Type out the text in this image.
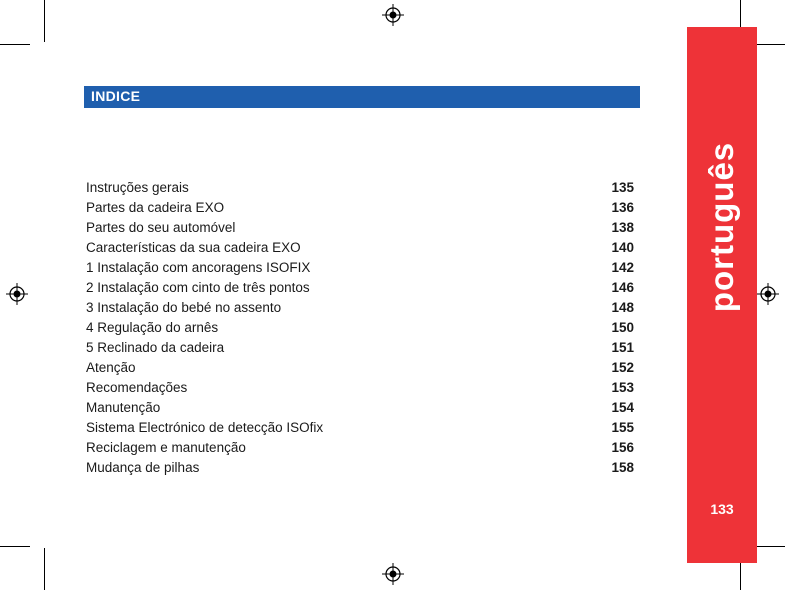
INDICE
Instruções gerais	135
Partes da cadeira EXO	136
Partes do seu automóvel	138
Características da sua cadeira EXO	140
1 Instalação com ancoragens ISOFIX	142
2 Instalação com cinto de três pontos	146
3 Instalação do bebé no assento	148
4 Regulação do arnês	150
5 Reclinado da cadeira	151
Atenção	152
Recomendações	153
Manutenção	154
Sistema Electrónico de detecção ISOfix	155
Reciclagem e manutenção	156
Mudança de pilhas	158
português
133
